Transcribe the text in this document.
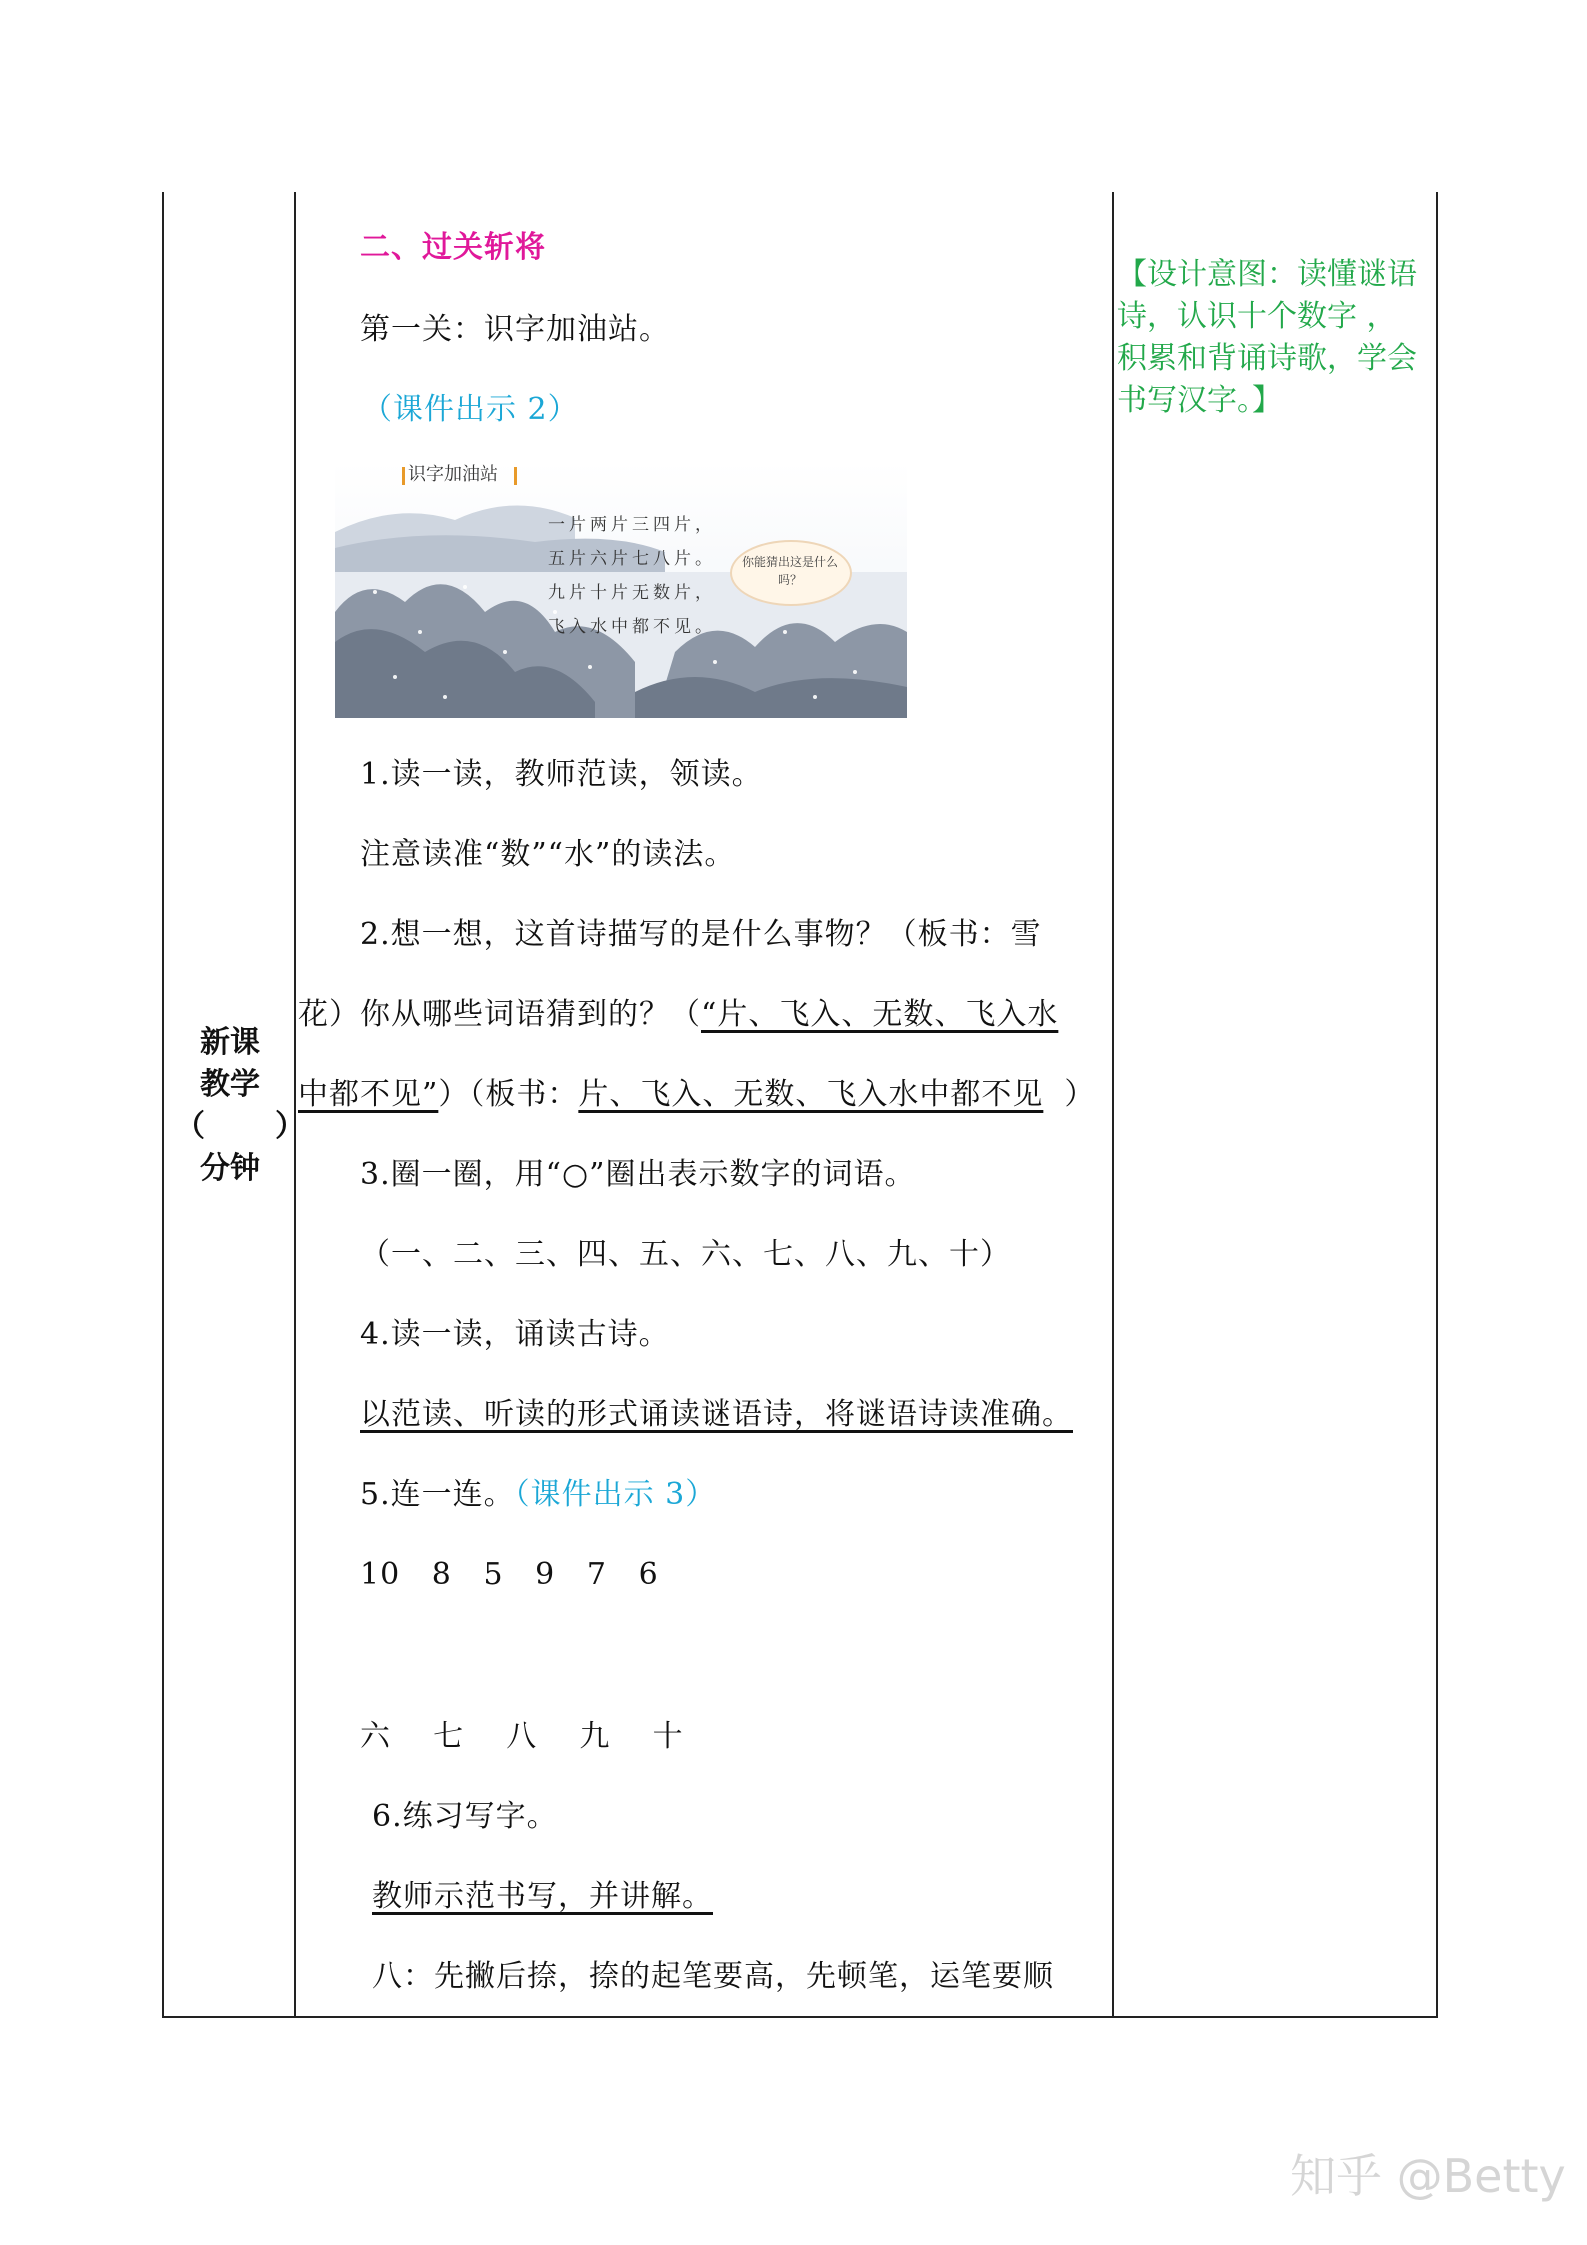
新课
教学
（ ）
分钟
二、过关斩将
第一关：识字加油站。
（课件出示 2）
识字加油站
一片两片三四片，
五片六片七八片。
九片十片无数片，
飞入水中都不见。
你能猜出这是什么吗？
1.读一读，教师范读，领读。
注意读准“数”“水”的读法。
2.想一想，这首诗描写的是什么事物？（板书：雪
花）你从哪些词语猜到的？（“片、飞入、无数、飞入水
中都不见”）（板书：片、飞入、无数、飞入水中都不见  ）
3.圈一圈，用“○”圈出表示数字的词语。
（一、二、三、四、五、六、七、八、九、十）
4.读一读，诵读古诗。
以范读、听读的形式诵读谜语诗，将谜语诗读准确。
5.连一连。（课件出示 3）
10   8   5   9   7   6
六    七    八    九    十
6.练习写字。
教师示范书写，并讲解。
八：先撇后捺，捺的起笔要高，先顿笔，运笔要顺
【设计意图：读懂谜语
诗，认识十个数字 ，
积累和背诵诗歌，学会
书写汉字。】
知乎 @Betty
